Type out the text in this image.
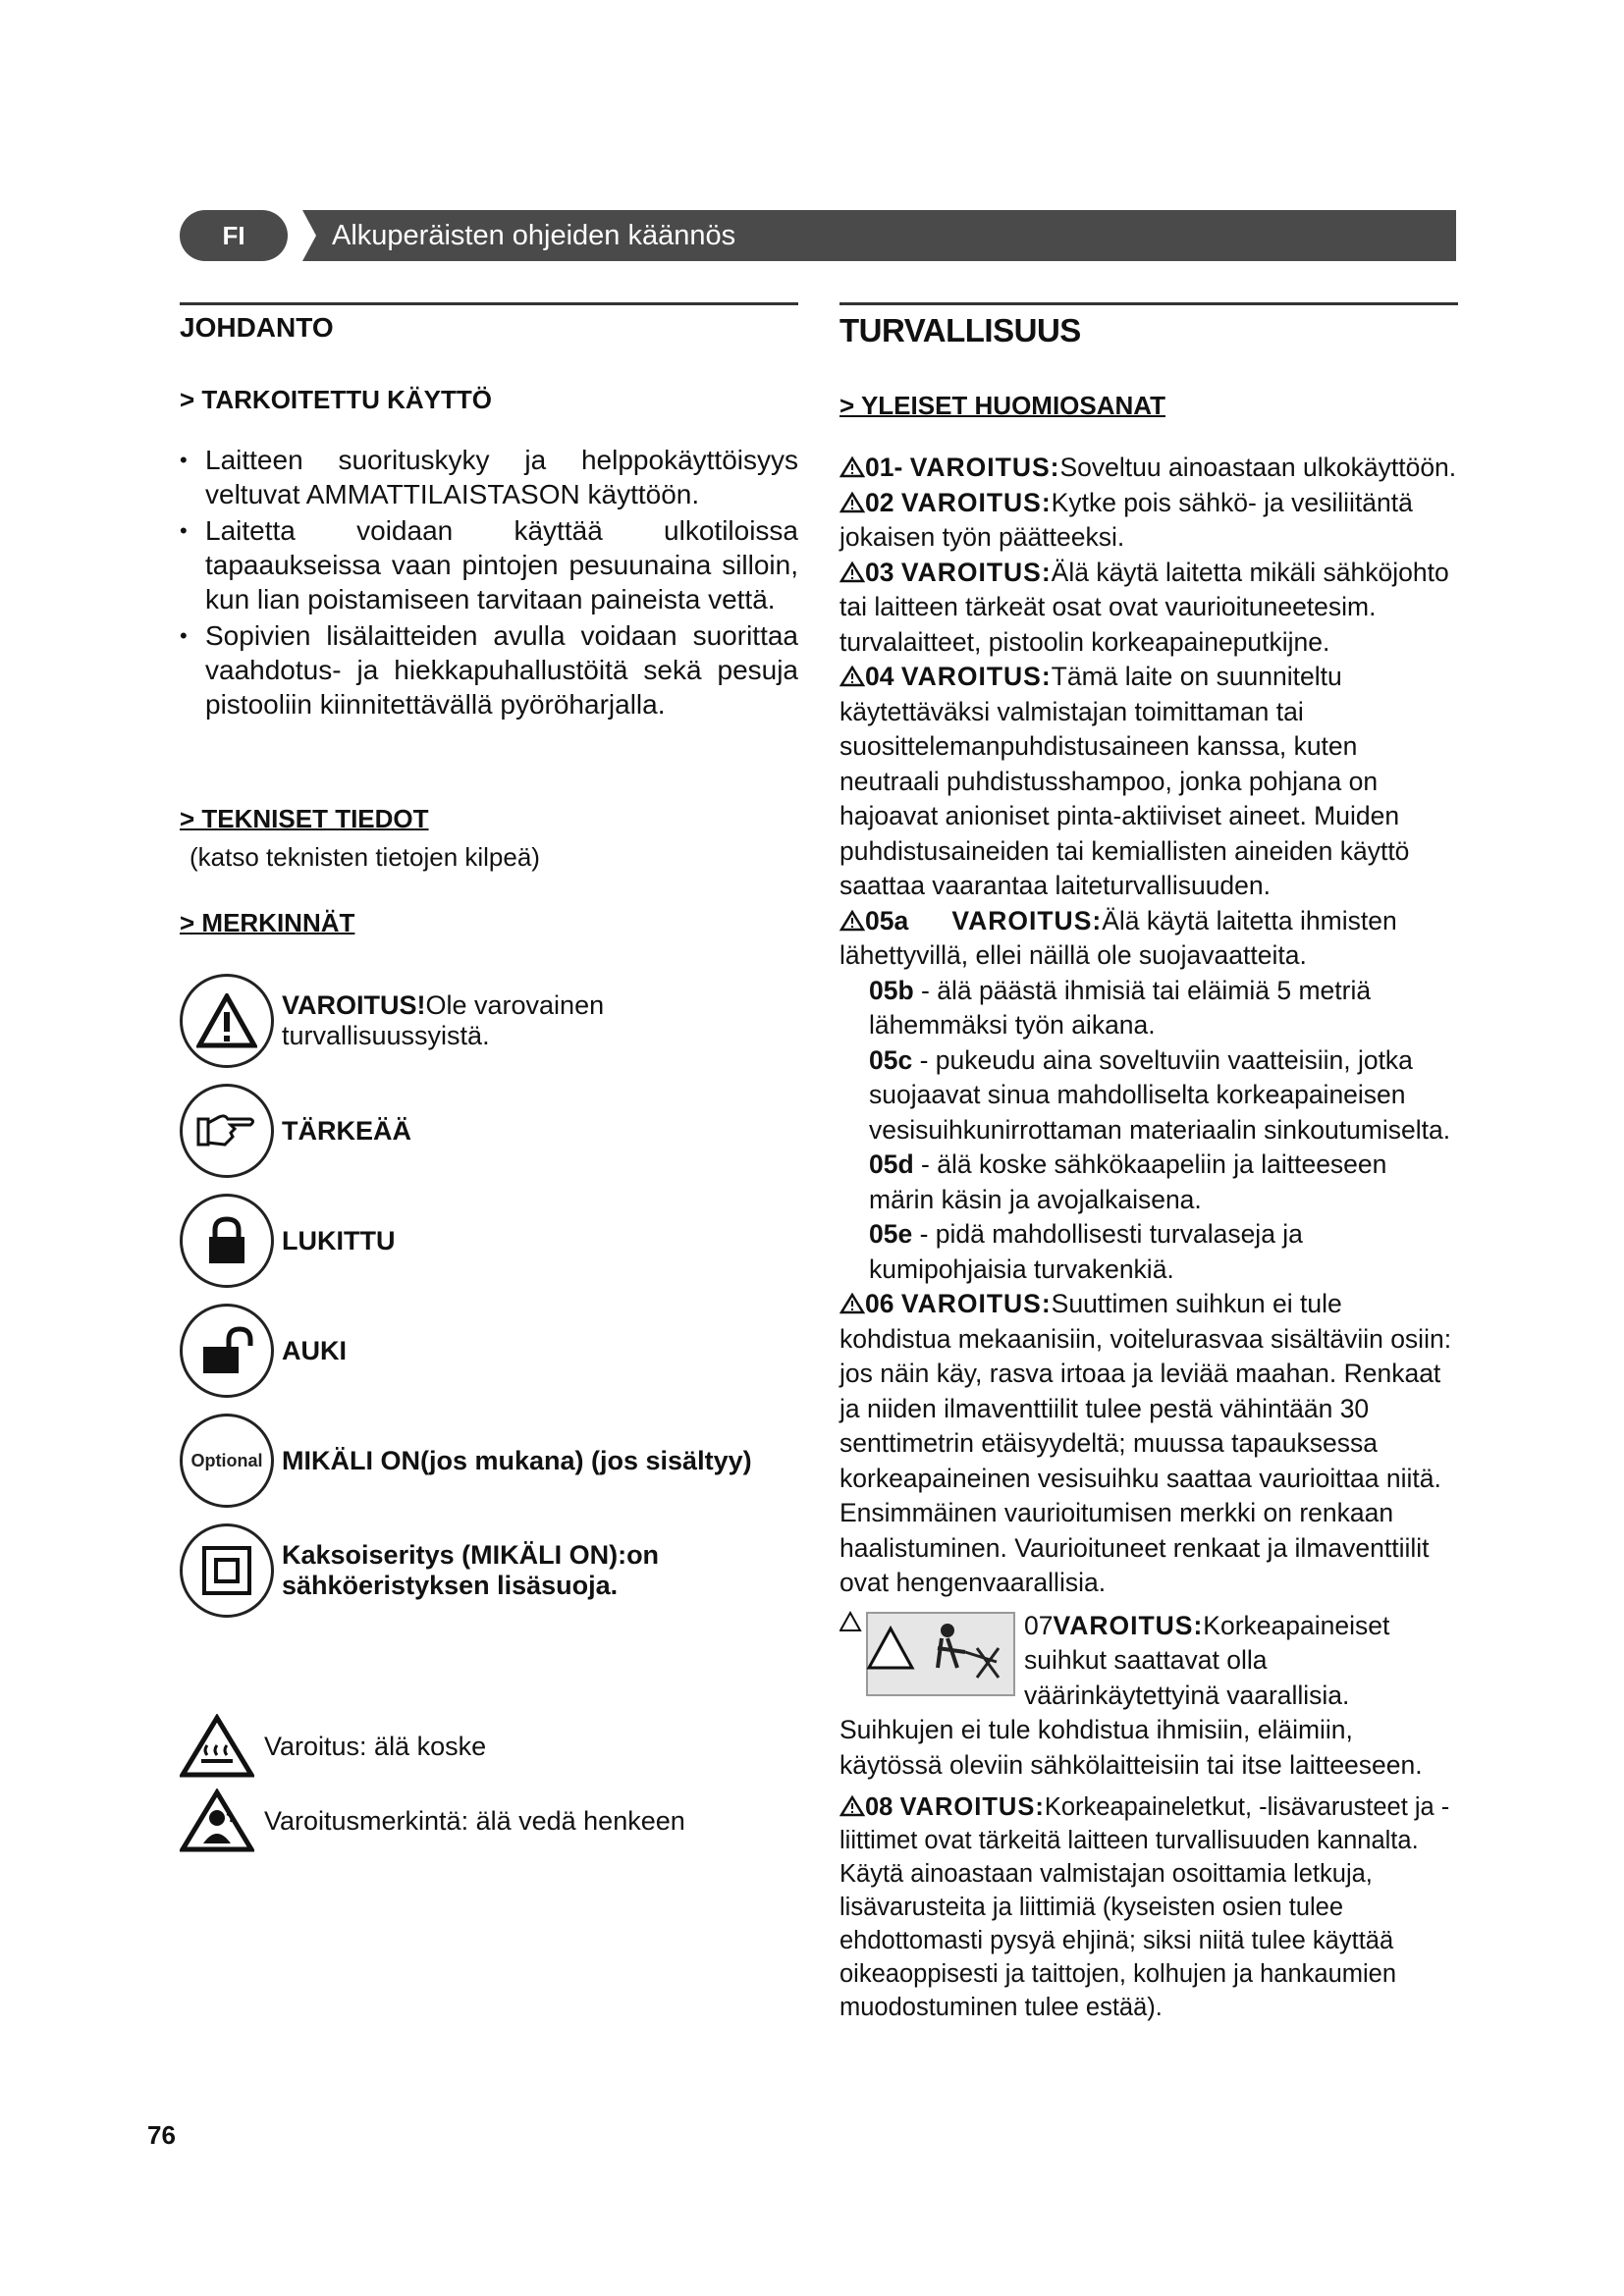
FI	Alkuperäisten ohjeiden käännös
JOHDANTO
> TARKOITETTU KÄYTTÖ
• Laitteen suorituskyky ja helppokäyttöisyys veltuvat AMMATTILAISTASON käyttöön.
• Laitetta voidaan käyttää ulkotiloissa tapaaukseissa vaan pintojen pesuunaina silloin, kun lian poistamiseen tarvitaan paineista vettä.
• Sopivien lisälaitteiden avulla voidaan suorittaa vaahdotus- ja hiekkapuhallustöitä sekä pesuja pistooliin kiinnitettävällä pyöröharjalla.
> TEKNISET TIEDOT
(katso teknisten tietojen kilpeä)
> MERKINNÄT
VAROITUS!Ole varovainen turvallisuussyistä.
TÄRKEÄÄ
LUKITTU
AUKI
Optional MIKÄLI ON(jos mukana) (jos sisältyy)
Kaksoiseritys (MIKÄLI ON):on sähköeristyksen lisäsuoja.
Varoitus: älä koske
Varoitusmerkintä: älä vedä henkeen
TURVALLISUUS
> YLEISET HUOMIOSANAT

01- VAROITUS:Soveltuu ainoastaan ulkokäyttöön.

02 VAROITUS:Kytke pois sähkö- ja vesiliitäntä jokaisen työn päätteeksi.

03 VAROITUS:Älä käytä laitetta mikäli sähköjohto tai laitteen tärkeät osat ovat vaurioituneetesim. turvalaitteet, pistoolin korkeapaineputkijne.

04 VAROITUS:Tämä laite on suunniteltu käytettäväksi valmistajan toimittaman tai suosittelemanpuhdistusaineen kanssa, kuten neutraali puhdistusshampoo, jonka pohjana on hajoavat anioniset pinta-aktiiviset aineet. Muiden puhdistusaineiden tai kemiallisten aineiden käyttö saattaa vaarantaa laiteturvallisuuden.

05a VAROITUS:Älä käytä laitetta ihmisten lähettyvillä, ellei näillä ole suojavaatteita.

05b - älä päästä ihmisiä tai eläimiä 5 metriä lähemmäksi työn aikana.

05c - pukeudu aina soveltuviin vaatteisiin, jotka suojaavat sinua mahdolliselta korkeapaineisen vesisuihkunirrottaman materiaalin sinkoutumiselta.

05d - älä koske sähkökaapeliin ja laitteeseen märin käsin ja avojalkaisena.

05e - pidä mahdollisesti turvalaseja ja kumipohjaisia turvakenkiä.

06 VAROITUS:Suuttimen suihkun ei tule kohdistua mekaanisiin, voitelurasvaa sisältäviin osiin: jos näin käy, rasva irtoaa ja leviää maahan. Renkaat ja niiden ilmaventtiilit tulee pestä vähintään 30 senttimetrin etäisyydeltä; muussa tapauksessa korkeapaineinen vesisuihku saattaa vaurioittaa niitä. Ensimmäinen vaurioitumisen merkki on renkaan haalistuminen. Vaurioituneet renkaat ja ilmaventtiilit ovat hengenvaarallisia.

07VAROITUS:Korkeapaineiset suihkut saattavat olla väärinkäytettyinä vaarallisia. Suihkujen ei tule kohdistua ihmisiin, eläimiin, käytössä oleviin sähkölaitteisiin tai itse laitteeseen.

08 VAROITUS:Korkeapaineletkut, -lisävarusteet ja -liittimet ovat tärkeitä laitteen turvallisuuden kannalta. Käytä ainoastaan valmistajan osoittamia letkuja, lisävarusteita ja liittimiä (kyseisten osien tulee ehdottomasti pysyä ehjinä; siksi niitä tulee käyttää oikeaoppisesti ja taittojen, kolhujen ja hankaumien muodostuminen tulee estää).

76
